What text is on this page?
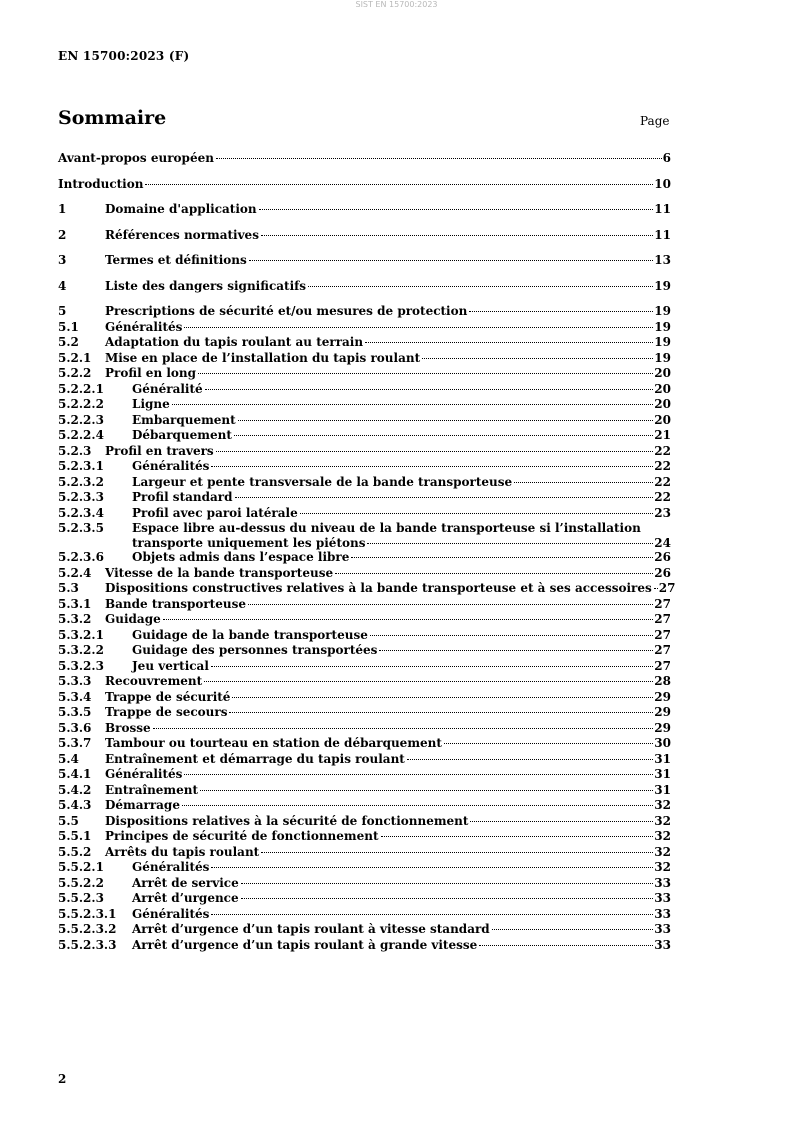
SIST EN 15700:2023
EN 15700:2023 (F)
Sommaire	Page
Avant-propos européen	6
Introduction	10
1	Domaine d'application	11
2	Références normatives	11
3	Termes et définitions	13
4	Liste des dangers significatifs	19
5	Prescriptions de sécurité et/ou mesures de protection	19
5.1 Généralités	19
5.2 Adaptation du tapis roulant au terrain	19
5.2.1 Mise en place de l’installation du tapis roulant	19
5.2.2 Profil en long	20
5.2.2.1 Généralité	20
5.2.2.2 Ligne	20
5.2.2.3 Embarquement	20
5.2.2.4 Débarquement	21
5.2.3 Profil en travers	22
5.2.3.1 Généralités	22
5.2.3.2 Largeur et pente transversale de la bande transporteuse	22
5.2.3.3 Profil standard	22
5.2.3.4 Profil avec paroi latérale	23
5.2.3.5 Espace libre au-dessus du niveau de la bande transporteuse si l’installation
transporte uniquement les piétons	24
5.2.3.6 Objets admis dans l’espace libre	26
5.2.4 Vitesse de la bande transporteuse	26
5.3 Dispositions constructives relatives à la bande transporteuse et à ses accessoires 27
5.3.1 Bande transporteuse	27
5.3.2 Guidage	27
5.3.2.1 Guidage de la bande transporteuse	27
5.3.2.2 Guidage des personnes transportées	27
5.3.2.3 Jeu vertical	27
5.3.3 Recouvrement	28
5.3.4 Trappe de sécurité	29
5.3.5 Trappe de secours	29
5.3.6 Brosse	29
5.3.7 Tambour ou tourteau en station de débarquement	30
5.4 Entraînement et démarrage du tapis roulant	31
5.4.1 Généralités	31
5.4.2 Entraînement	31
5.4.3 Démarrage	32
5.5 Dispositions relatives à la sécurité de fonctionnement	32
5.5.1 Principes de sécurité de fonctionnement	32
5.5.2 Arrêts du tapis roulant	32
5.5.2.1 Généralités	32
5.5.2.2 Arrêt de service	33
5.5.2.3 Arrêt d’urgence	33
5.5.2.3.1 Généralités	33
5.5.2.3.2 Arrêt d’urgence d’un tapis roulant à vitesse standard	33
5.5.2.3.3 Arrêt d’urgence d’un tapis roulant à grande vitesse	33
2
